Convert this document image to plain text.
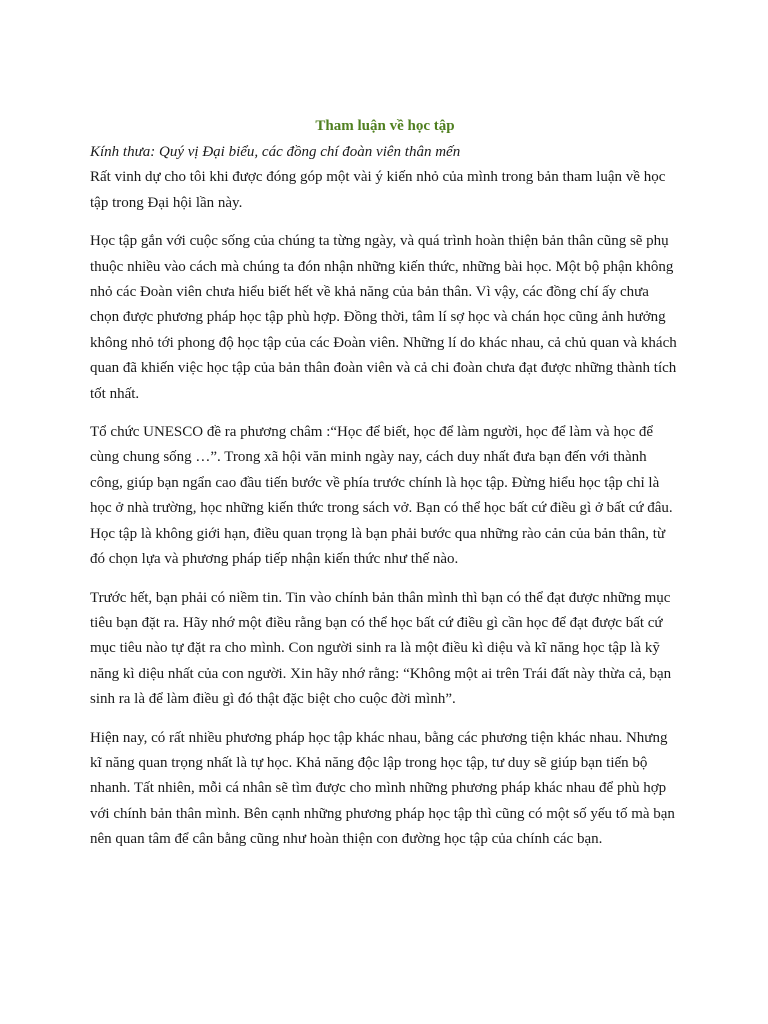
Tham luận về học tập

Kính thưa: Quý vị Đại biểu, các đồng chí đoàn viên thân mến

Rất vinh dự cho tôi khi được đóng góp một vài ý kiến nhỏ của mình trong bản tham luận về học tập trong Đại hội lần này.

Học tập gắn với cuộc sống của chúng ta từng ngày, và quá trình hoàn thiện bản thân cũng sẽ phụ thuộc nhiều vào cách mà chúng ta đón nhận những kiến thức, những bài học. Một bộ phận không nhỏ các Đoàn viên chưa hiểu biết hết về khả năng của bản thân. Vì vậy, các đồng chí ấy chưa chọn được phương pháp học tập phù hợp. Đồng thời, tâm lí sợ học và chán học cũng ảnh hưởng không nhỏ tới phong độ học tập của các Đoàn viên. Những lí do khác nhau, cả chủ quan và khách quan đã khiến việc học tập của bản thân đoàn viên và cả chi đoàn chưa đạt được những thành tích tốt nhất.

Tổ chức UNESCO đề ra phương châm :“Học để biết, học để làm người, học để làm và học để cùng chung sống …”. Trong xã hội văn minh ngày nay, cách duy nhất đưa bạn đến với thành công, giúp bạn ngẩn cao đầu tiến bước về phía trước chính là học tập. Đừng hiểu học tập chỉ là học ở nhà trường, học những kiến thức trong sách vở. Bạn có thể học bất cứ điều gì ở bất cứ đâu. Học tập là không giới hạn, điều quan trọng là bạn phải bước qua những rào cản của bản thân, từ đó chọn lựa và phương pháp tiếp nhận kiến thức như thế nào.

Trước hết, bạn phải có niềm tin. Tin vào chính bản thân mình thì bạn có thể đạt được những mục tiêu bạn đặt ra. Hãy nhớ một điều rằng bạn có thể học bất cứ điều gì cần học để đạt được bất cứ mục tiêu nào tự đặt ra cho mình. Con người sinh ra là một điều kì diệu và kĩ năng học tập là kỹ năng kì diệu nhất của con người. Xin hãy nhớ rằng: “Không một ai trên Trái đất này thừa cả, bạn sinh ra là để làm điều gì đó thật đặc biệt cho cuộc đời mình”.

Hiện nay, có rất nhiều phương pháp học tập khác nhau, bằng các phương tiện khác nhau. Nhưng kĩ năng quan trọng nhất là tự học. Khả năng độc lập trong học tập, tư duy sẽ giúp bạn tiến bộ nhanh. Tất nhiên, mỗi cá nhân sẽ tìm được cho mình những phương pháp khác nhau để phù hợp với chính bản thân mình. Bên cạnh những phương pháp học tập thì cũng có một số yếu tố mà bạn nên quan tâm để cân bằng cũng như hoàn thiện con đường học tập của chính các bạn.
